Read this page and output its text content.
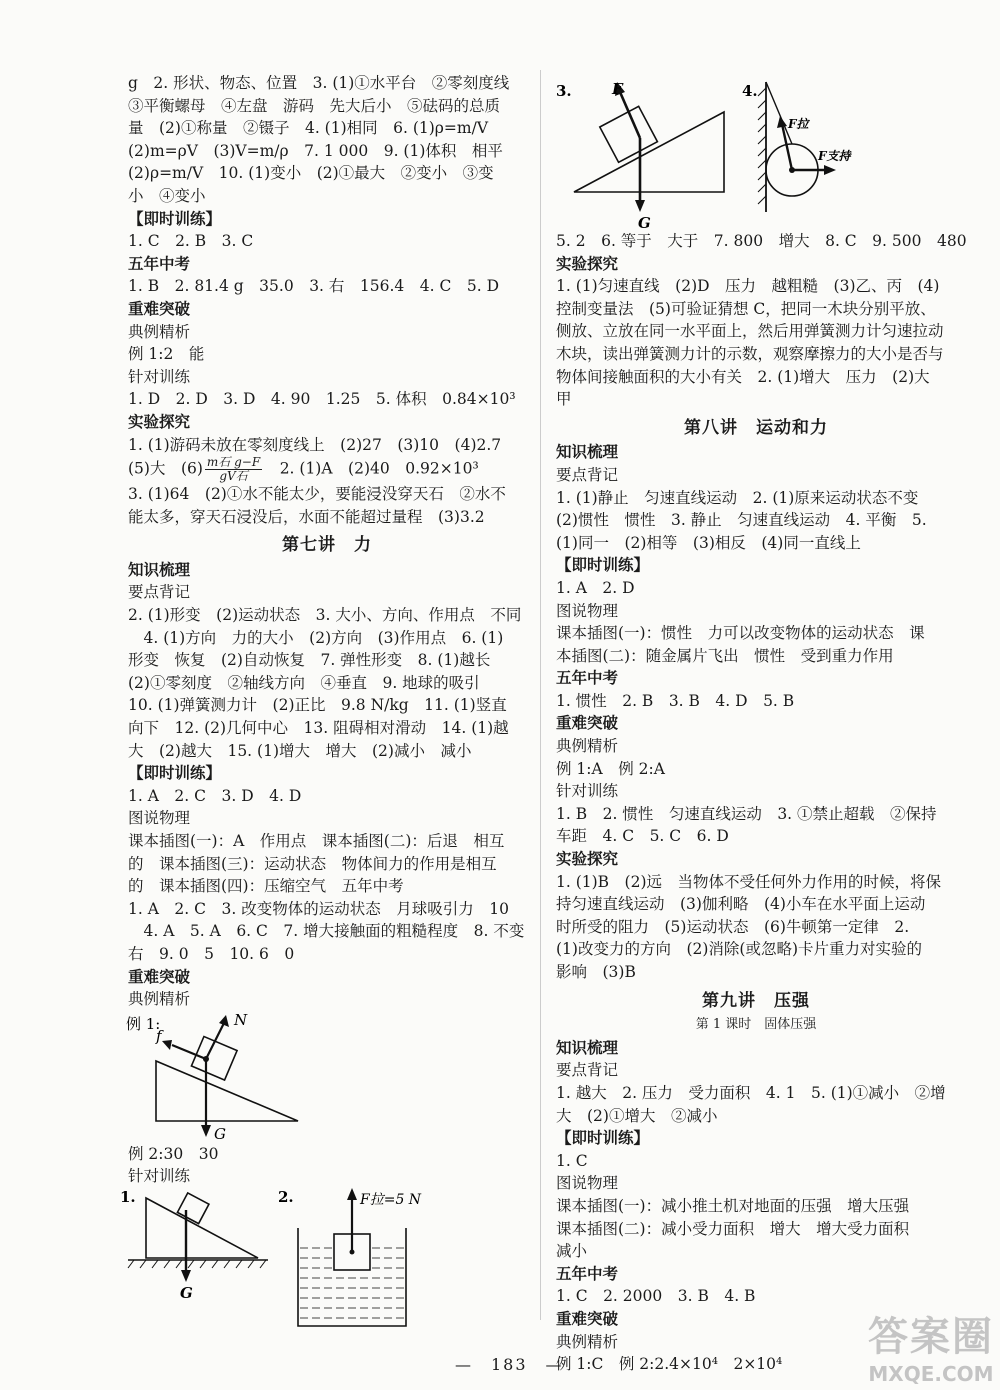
g　2. 形状、物态、位置　3. (1)①水平台　②零刻度线
③平衡螺母　④左盘　游码　先大后小　⑤砝码的总质
量　(2)①称量　②镊子　4. (1)相同　6. (1)ρ=m/V
(2)m=ρV　(3)V=m/ρ　7. 1 000　9. (1)体积　相平
(2)ρ=m/V　10. (1)变小　(2)①最大　②变小　③变
小　④变小
【即时训练】
1. C　2. B　3. C
五年中考
1. B　2. 81.4 g　35.0　3. 右　156.4　4. C　5. D
重难突破
典例精析
例 1:2　能
针对训练
1. D　2. D　3. D　4. 90　1.25　5. 体积　0.84×10³
实验探究
1. (1)游码未放在零刻度线上　(2)27　(3)10　(4)2.7
(5)大　$(6) \frac{\text{m石 g−F}}{\text{gV石}}$ 　2. (1)A　(2)40　0.92×10³
3. (1)64　(2)①水不能太少，要能浸没穿天石　②水不
能太多，穿天石浸没后，水面不能超过量程　(3)3.2
第七讲　力
知识梳理
要点背记
2. (1)形变　(2)运动状态　3. 大小、方向、作用点　不同
　4. (1)方向　力的大小　(2)方向　(3)作用点　6. (1)
形变　恢复　(2)自动恢复　7. 弹性形变　8. (1)越长
(2)①零刻度　②轴线方向　④垂直　9. 地球的吸引
10. (1)弹簧测力计　(2)正比　9.8 N/kg　11. (1)竖直
向下　12. (2)几何中心　13. 阻碍相对滑动　14. (1)越
大　(2)越大　15. (1)增大　增大　(2)减小　减小
【即时训练】
1. A　2. C　3. D　4. D
图说物理
课本插图(一)：A　作用点　课本插图(二)：后退　相互
的　课本插图(三)：运动状态　物体间力的作用是相互
的　课本插图(四)：压缩空气　五年中考
1. A　2. C　3. 改变物体的运动状态　月球吸引力　10
　4. A　5. A　6. C　7. 增大接触面的粗糙程度　8. 不变
右　9. 0　5　10. 6　0
重难突破
典例精析
例 1:
f
N
G
例 2:30　30
针对训练
1.
G
2.	F拉=5 N
3.	F
G
4.
F拉
F支持
5. 2　6. 等于　大于　7. 800　增大　8. C　9. 500　480
实验探究
1. (1)匀速直线　(2)D　压力　越粗糙　(3)乙、丙　(4)
控制变量法　(5)可验证猜想 C，把同一木块分别平放、
侧放、立放在同一水平面上，然后用弹簧测力计匀速拉动
木块，读出弹簧测力计的示数，观察摩擦力的大小是否与
物体间接触面积的大小有关　2. (1)增大　压力　(2)大
甲
第八讲　运动和力
知识梳理
要点背记
1. (1)静止　匀速直线运动　2. (1)原来运动状态不变
(2)惯性　惯性　3. 静止　匀速直线运动　4. 平衡　5.
(1)同一　(2)相等　(3)相反　(4)同一直线上
【即时训练】
1. A　2. D
图说物理
课本插图(一)：惯性　力可以改变物体的运动状态　课
本插图(二)：随金属片飞出　惯性　受到重力作用
五年中考
1. 惯性　2. B　3. B　4. D　5. B
重难突破
典例精析
例 1:A　例 2:A
针对训练
1. B　2. 惯性　匀速直线运动　3. ①禁止超载　②保持
车距　4. C　5. C　6. D
实验探究
1. (1)B　(2)远　当物体不受任何外力作用的时候，将保
持匀速直线运动　(3)伽利略　(4)小车在水平面上运动
时所受的阻力　(5)运动状态　(6)牛顿第一定律　2.
(1)改变力的方向　(2)消除(或忽略)卡片重力对实验的
影响　(3)B
第九讲　压强
第 1 课时　固体压强
知识梳理
要点背记
1. 越大　2. 压力　受力面积　4. 1　5. (1)①减小　②增
大　(2)①增大　②减小
【即时训练】
1. C
图说物理
课本插图(一)：减小推土机对地面的压强　增大压强
课本插图(二)：减小受力面积　增大　增大受力面积
减小
五年中考
1. C　2. 2000　3. B　4. B
重难突破
典例精析
例 1:C　例 2:2.4×10⁴　2×10⁴
—　183　—
答案圈
MXQE.COM
